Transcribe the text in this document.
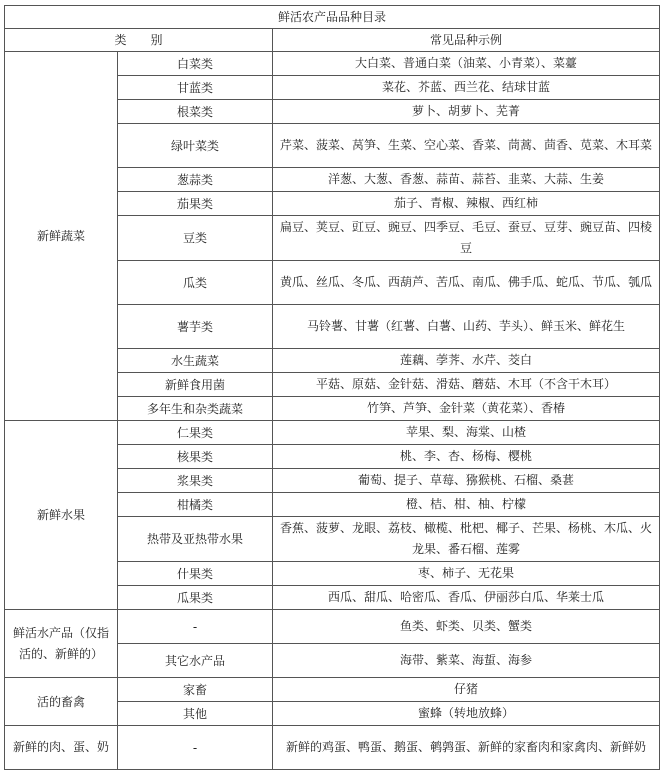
鲜活农产品品种目录		
类　　别		常见品种示例
新鲜蔬菜	白菜类	大白菜、普通白菜（油菜、小青菜）、菜薹
	甘蓝类	菜花、芥蓝、西兰花、结球甘蓝
	根菜类	萝卜、胡萝卜、芜菁
	绿叶菜类	芹菜、菠菜、莴笋、生菜、空心菜、香菜、茼蒿、茴香、苋菜、木耳菜
	葱蒜类	洋葱、大葱、香葱、蒜苗、蒜苔、韭菜、大蒜、生姜
	茄果类	茄子、青椒、辣椒、西红柿
	豆类	扁豆、荚豆、豇豆、豌豆、四季豆、毛豆、蚕豆、豆芽、豌豆苗、四棱豆
	瓜类	黄瓜、丝瓜、冬瓜、西葫芦、苦瓜、南瓜、佛手瓜、蛇瓜、节瓜、瓠瓜
	薯芋类	马铃薯、甘薯（红薯、白薯、山药、芋头）、鲜玉米、鲜花生
	水生蔬菜	莲藕、荸荠、水芹、茭白
	新鲜食用菌	平菇、原菇、金针菇、滑菇、蘑菇、木耳（不含干木耳）
	多年生和杂类蔬菜	竹笋、芦笋、金针菜（黄花菜）、香椿
新鲜水果	仁果类	苹果、梨、海棠、山楂
	核果类	桃、李、杏、杨梅、樱桃
	浆果类	葡萄、提子、草莓、猕猴桃、石榴、桑葚
	柑橘类	橙、桔、柑、柚、柠檬
	热带及亚热带水果	香蕉、菠萝、龙眼、荔枝、橄榄、枇杷、椰子、芒果、杨桃、木瓜、火龙果、番石榴、莲雾
	什果类	枣、柿子、无花果
	瓜果类	西瓜、甜瓜、哈密瓜、香瓜、伊丽莎白瓜、华莱士瓜
鲜活水产品（仅指活的、新鲜的）	-	鱼类、虾类、贝类、蟹类
	其它水产品	海带、紫菜、海蜇、海参
活的畜禽	家畜	仔猪
	其他	蜜蜂（转地放蜂）
新鲜的肉、蛋、奶	-	新鲜的鸡蛋、鸭蛋、鹅蛋、鹌鹑蛋、新鲜的家畜肉和家禽肉、新鲜奶
